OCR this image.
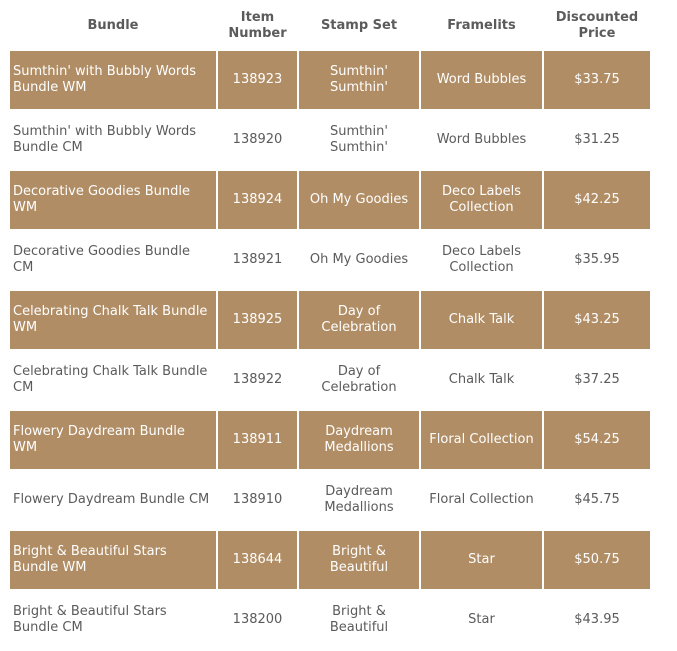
Bundle	Item Number	Stamp Set	Framelits	Discounted Price
Sumthin' with Bubbly Words Bundle WM	138923	Sumthin' Sumthin'	Word Bubbles	$33.75
Sumthin' with Bubbly Words Bundle CM	138920	Sumthin' Sumthin'	Word Bubbles	$31.25
Decorative Goodies Bundle WM	138924	Oh My Goodies	Deco Labels Collection	$42.25
Decorative Goodies Bundle CM	138921	Oh My Goodies	Deco Labels Collection	$35.95
Celebrating Chalk Talk Bundle WM	138925	Day of Celebration	Chalk Talk	$43.25
Celebrating Chalk Talk Bundle CM	138922	Day of Celebration	Chalk Talk	$37.25
Flowery Daydream Bundle WM	138911	Daydream Medallions	Floral Collection	$54.25
Flowery Daydream Bundle CM	138910	Daydream Medallions	Floral Collection	$45.75
Bright & Beautiful Stars Bundle WM	138644	Bright & Beautiful	Star	$50.75
Bright & Beautiful Stars Bundle CM	138200	Bright & Beautiful	Star	$43.95
